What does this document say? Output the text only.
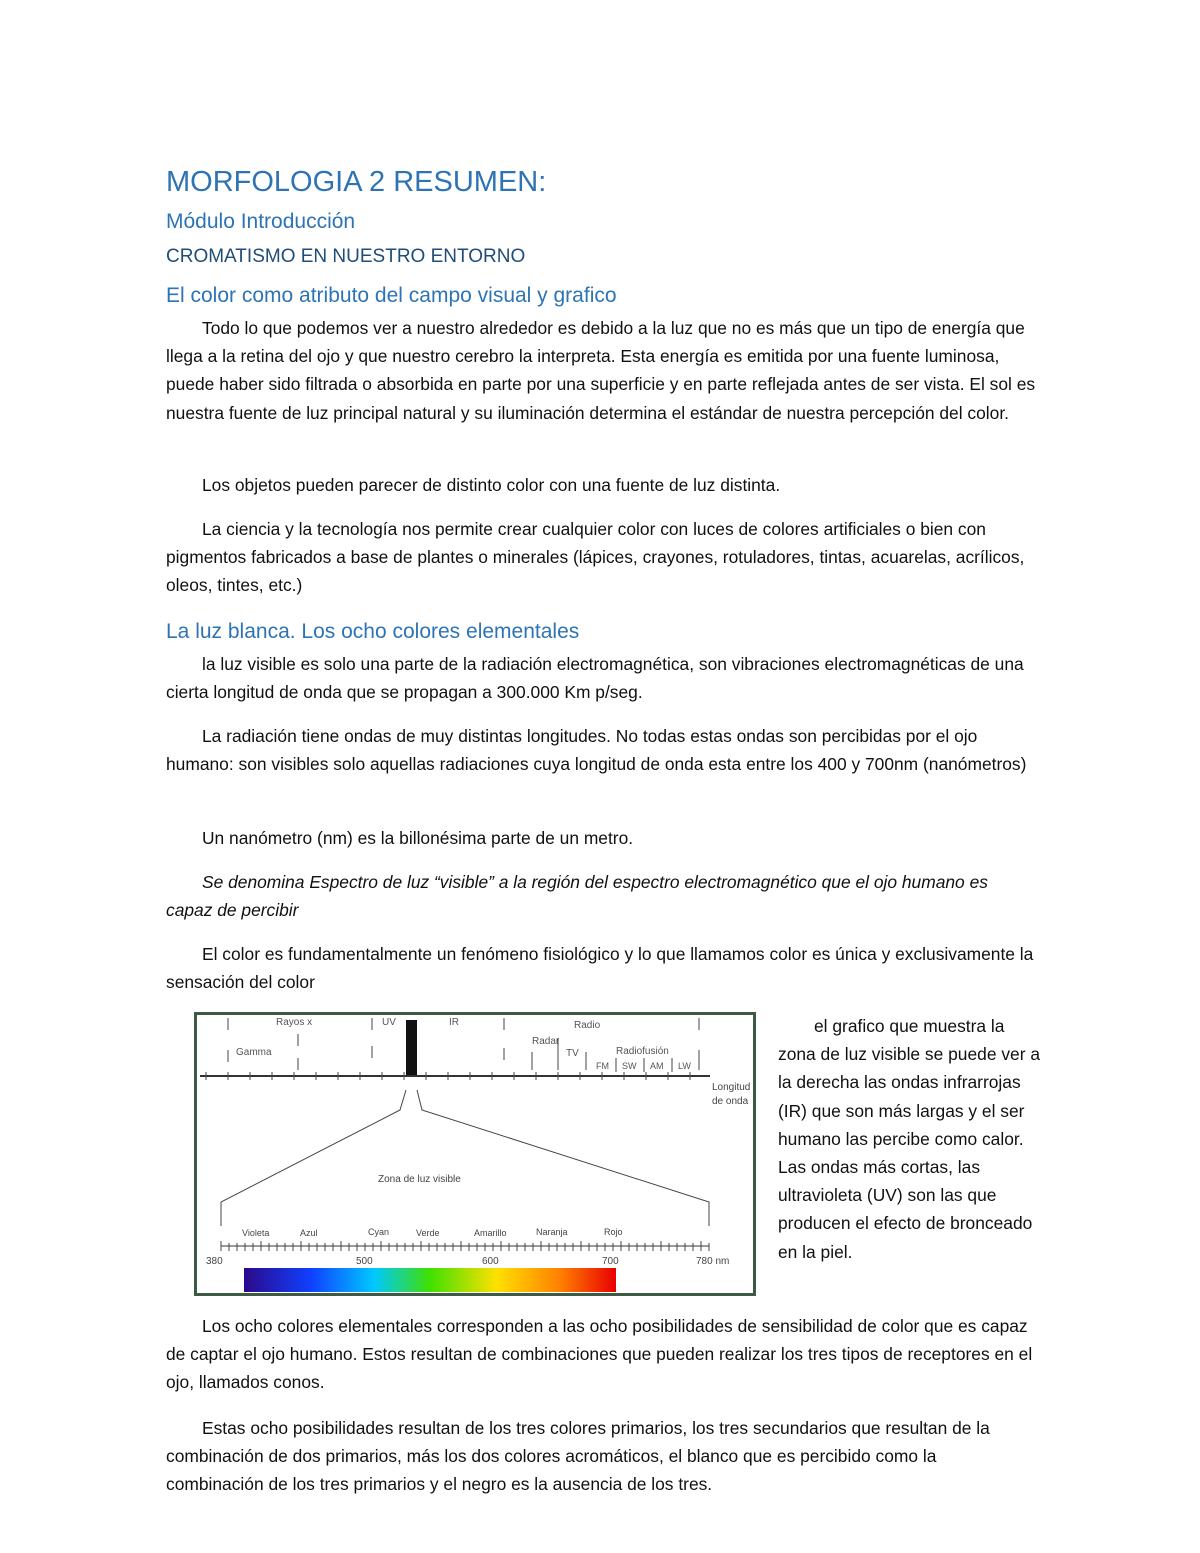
MORFOLOGIA 2 RESUMEN:
Módulo Introducción
CROMATISMO EN NUESTRO ENTORNO
El color como atributo del campo visual y grafico

Todo lo que podemos ver a nuestro alrededor es debido a la luz que no es más que un tipo de energía que llega a la retina del ojo y que nuestro cerebro la interpreta. Esta energía es emitida por una fuente luminosa, puede haber sido filtrada o absorbida en parte por una superficie y en parte reflejada antes de ser vista. El sol es nuestra fuente de luz principal natural y su iluminación determina el estándar de nuestra percepción del color.

Los objetos pueden parecer de distinto color con una fuente de luz distinta.

La ciencia y la tecnología nos permite crear cualquier color con luces de colores artificiales o bien con pigmentos fabricados a base de plantes o minerales (lápices, crayones, rotuladores, tintas, acuarelas, acrílicos, oleos, tintes, etc.)

La luz blanca. Los ocho colores elementales

la luz visible es solo una parte de la radiación electromagnética, son vibraciones electromagnéticas de una cierta longitud de onda que se propagan a 300.000 Km p/seg.

La radiación tiene ondas de muy distintas longitudes. No todas estas ondas son percibidas por el ojo humano: son visibles solo aquellas radiaciones cuya longitud de onda esta entre los 400 y 700nm (nanómetros)

Un nanómetro (nm) es la billonésima parte de un metro.

Se denomina Espectro de luz “visible” a la región del espectro electromagnético que el ojo humano es capaz de percibir

El color es fundamentalmente un fenómeno fisiológico y lo que llamamos color es única y exclusivamente la sensación del color

Rayos x
Gamma
UV	IR	Radio
Radar
TV	Radiofusión
FM SW AM LW
Longitud
de onda
Zona de luz visible
Violeta	Azul	Cyan	Verde	Amarillo	Naranja	Rojo
380	500	600	700	780 nm

el grafico que muestra la zona de luz visible se puede ver a la derecha las ondas infrarrojas (IR) que son más largas y el ser humano las percibe como calor. Las ondas más cortas, las ultravioleta (UV) son las que producen el efecto de bronceado en la piel.

Los ocho colores elementales corresponden a las ocho posibilidades de sensibilidad de color que es capaz de captar el ojo humano. Estos resultan de combinaciones que pueden realizar los tres tipos de receptores en el ojo, llamados conos.

Estas ocho posibilidades resultan de los tres colores primarios, los tres secundarios que resultan de la combinación de dos primarios, más los dos colores acromáticos, el blanco que es percibido como la combinación de los tres primarios y el negro es la ausencia de los tres.
